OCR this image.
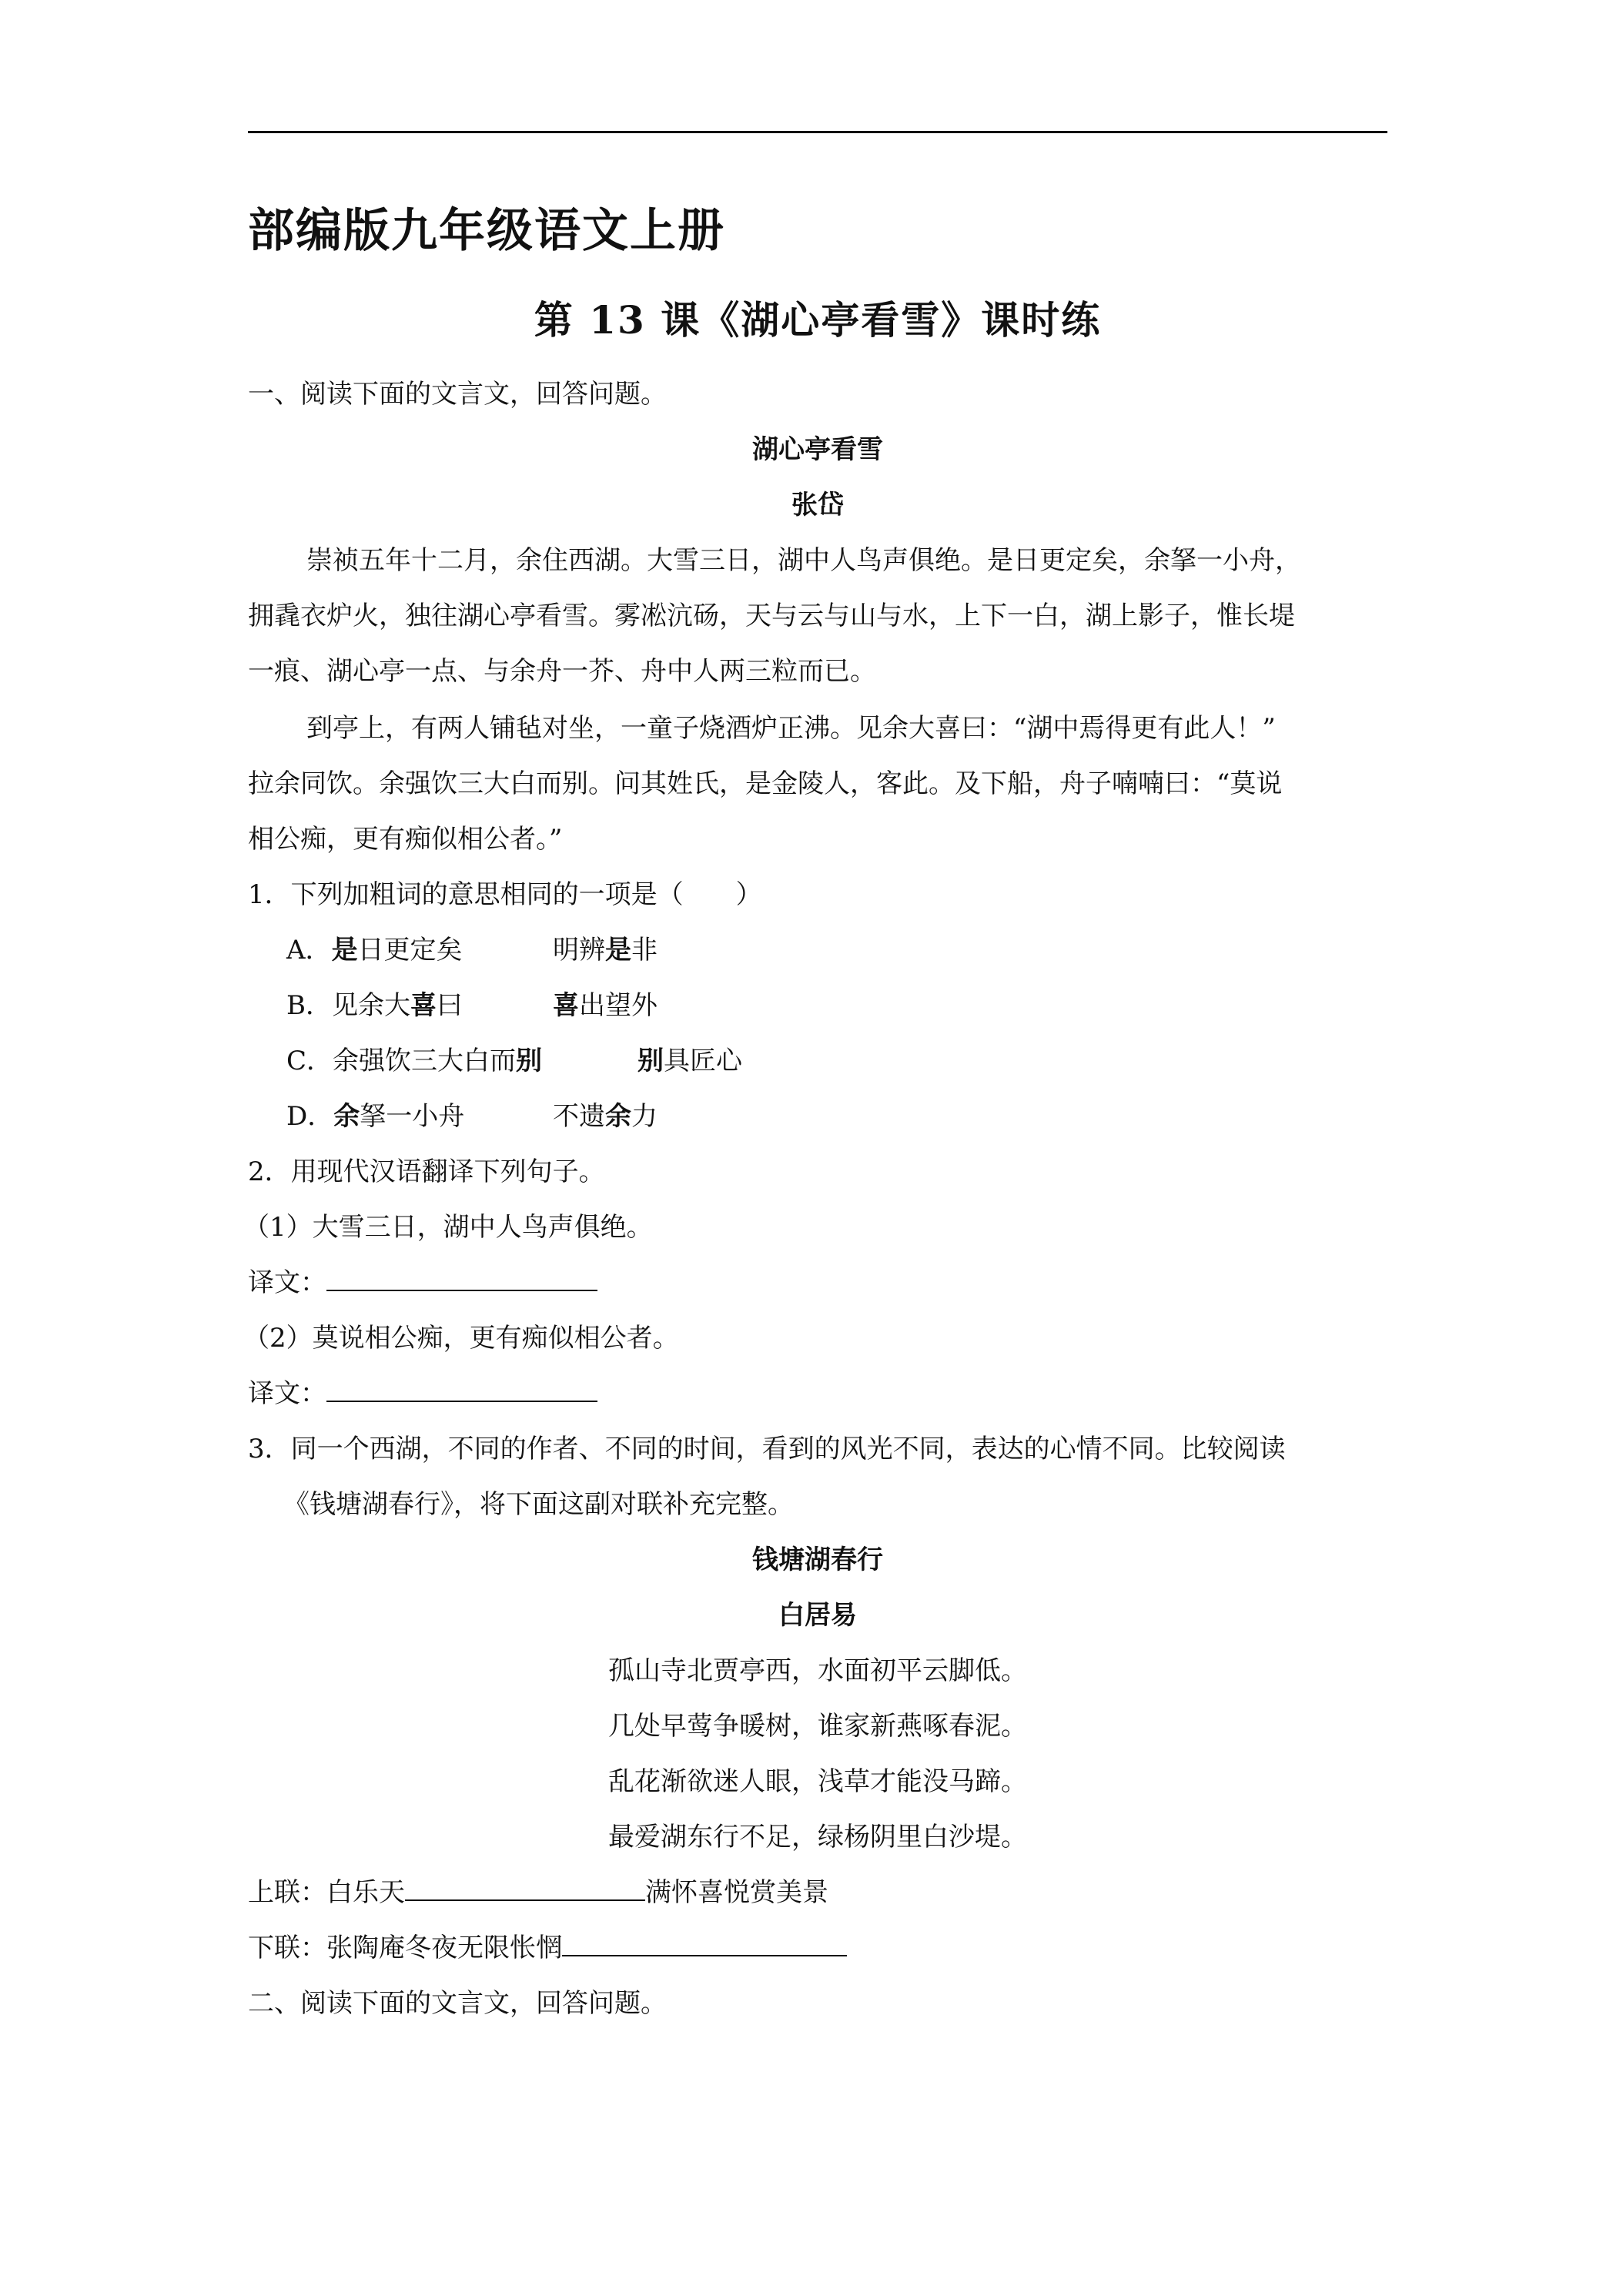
部编版九年级语文上册
第 13 课《湖心亭看雪》课时练
一、阅读下面的文言文，回答问题。
湖心亭看雪
张岱
崇祯五年十二月，余住西湖。大雪三日，湖中人鸟声俱绝。是日更定矣，余拏一小舟，
拥毳衣炉火，独往湖心亭看雪。雾凇沆砀，天与云与山与水，上下一白，湖上影子，惟长堤
一痕、湖心亭一点、与余舟一芥、舟中人两三粒而已。
到亭上，有两人铺毡对坐，一童子烧酒炉正沸。见余大喜曰：“湖中焉得更有此人！”
拉余同饮。余强饮三大白而别。问其姓氏，是金陵人，客此。及下船，舟子喃喃曰：“莫说
相公痴，更有痴似相公者。”
1．下列加粗词的意思相同的一项是（　　）
A．是日更定矣	明辨是非
B．见余大喜曰	喜出望外
C．余强饮三大白而别	别具匠心
D．余拏一小舟	不遗余力
2．用现代汉语翻译下列句子。
（1）大雪三日，湖中人鸟声俱绝。
译文：
（2）莫说相公痴，更有痴似相公者。
译文：
3．同一个西湖，不同的作者、不同的时间，看到的风光不同，表达的心情不同。比较阅读
《钱塘湖春行》，将下面这副对联补充完整。
钱塘湖春行
白居易
孤山寺北贾亭西，水面初平云脚低。
几处早莺争暖树，谁家新燕啄春泥。
乱花渐欲迷人眼，浅草才能没马蹄。
最爱湖东行不足，绿杨阴里白沙堤。
上联：白乐天	满怀喜悦赏美景
下联：张陶庵冬夜无限怅惘
二、阅读下面的文言文，回答问题。
